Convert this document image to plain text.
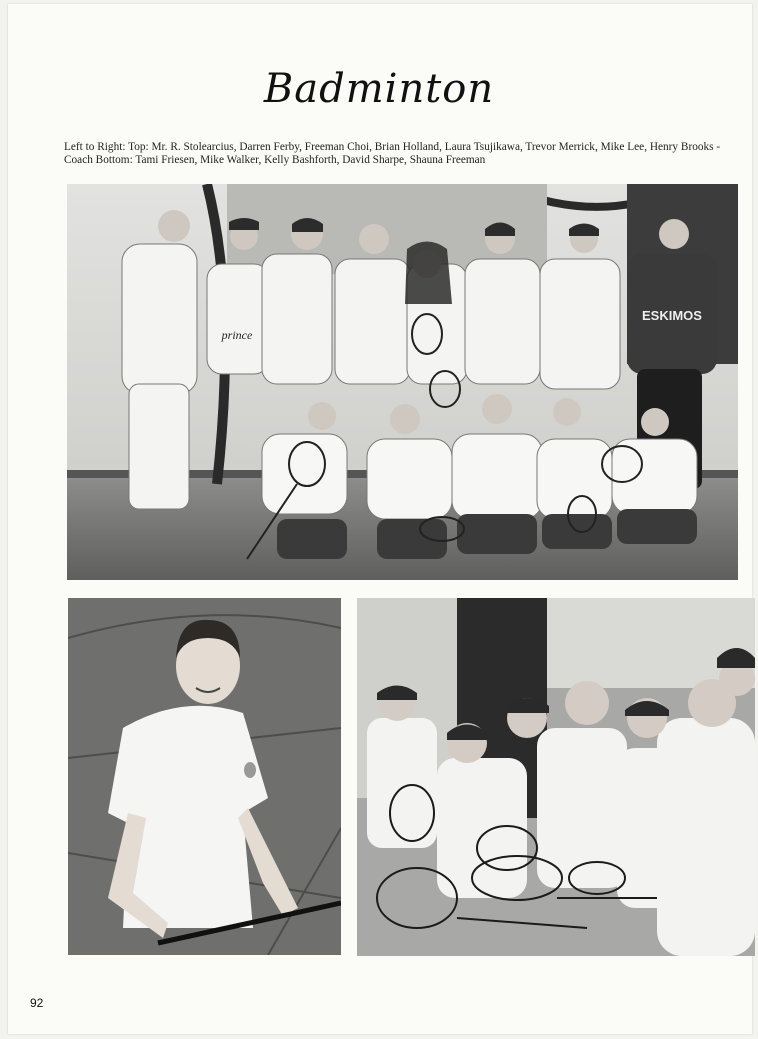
Badminton
Left to Right: Top: Mr. R. Stolearcius, Darren Ferby, Freeman Choi, Brian Holland, Laura Tsujikawa, Trevor Merrick, Mike Lee, Henry Brooks - Coach Bottom: Tami Friesen, Mike Walker, Kelly Bashforth, David Sharpe, Shauna Freeman
ESKIMOS
prince
92
